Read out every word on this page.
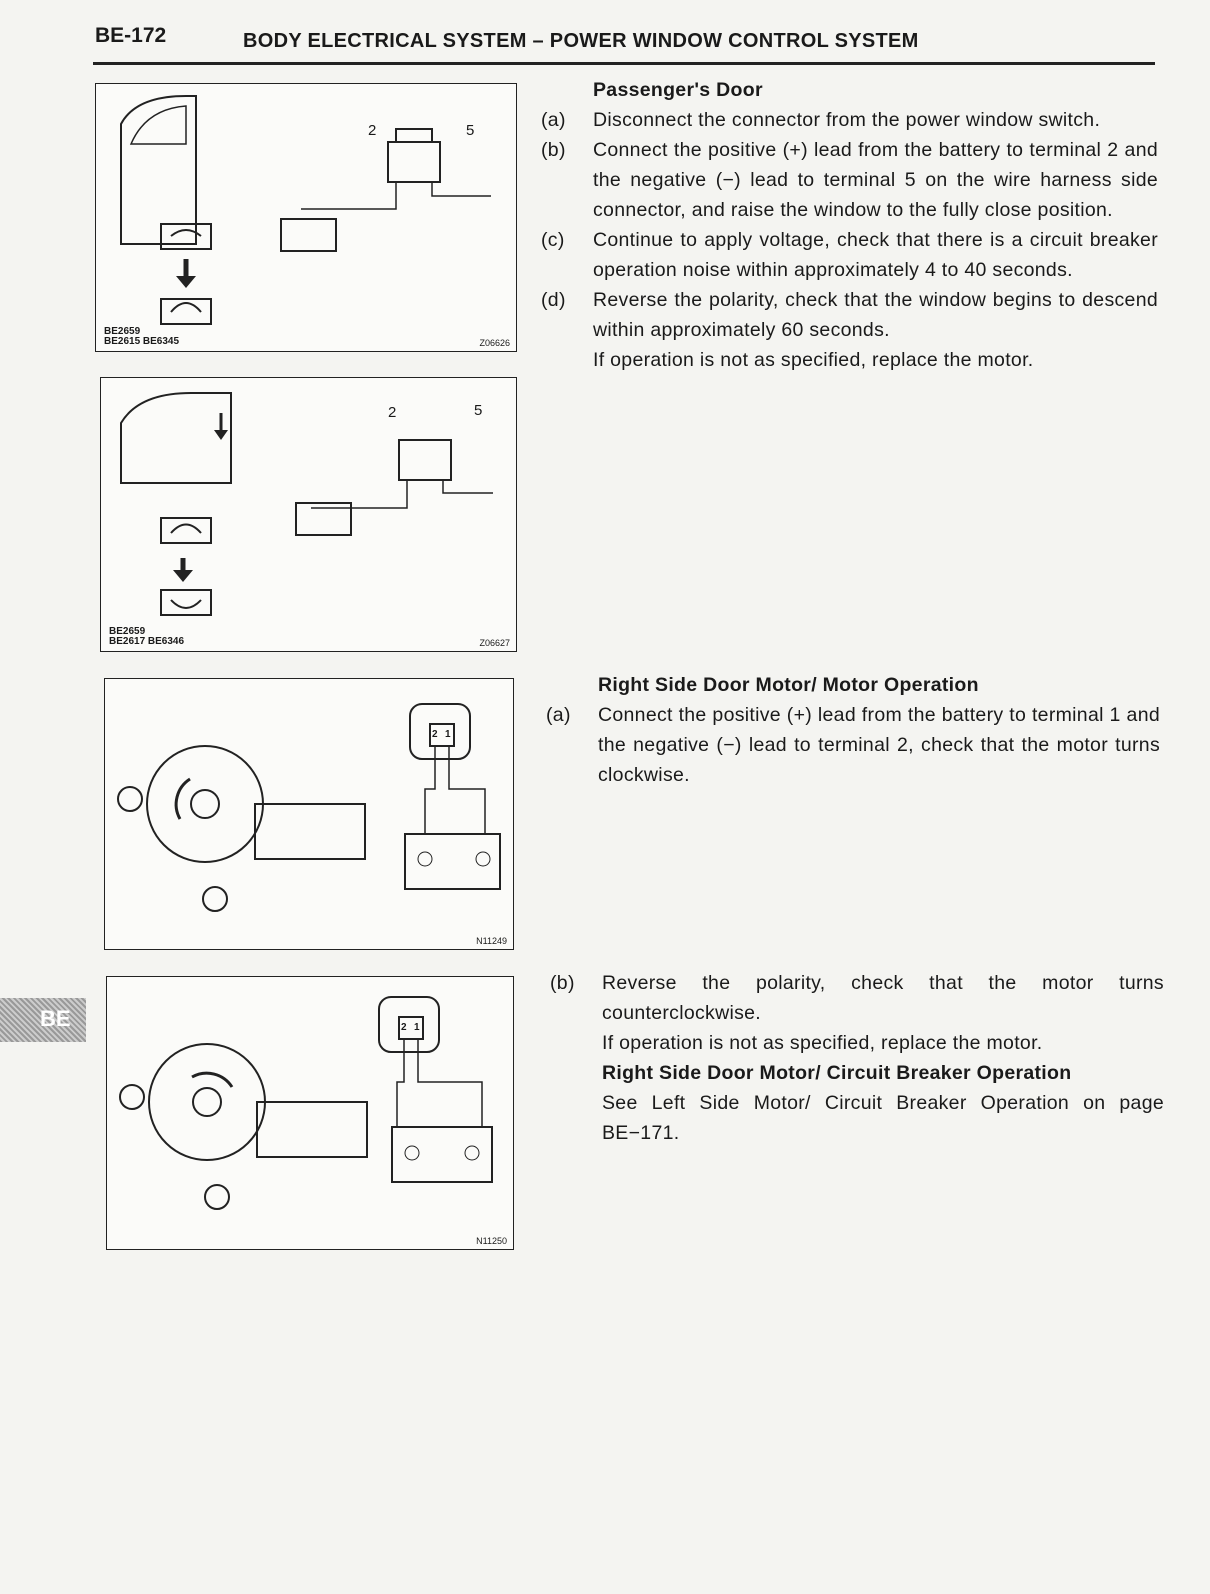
BE-172	BODY ELECTRICAL SYSTEM – POWER WINDOW CONTROL SYSTEM
BE
2	5
BE2659
BE2615 BE6345	Z06626
2	5
BE2659
BE2617 BE6346	Z06627
2 1
N11249
2 1
N11250
Passenger's Door
(a)	Disconnect the connector from the power window switch.
(b)	Connect the positive (+) lead from the battery to terminal 2 and the negative (−) lead to terminal 5 on the wire harness side connector, and raise the window to the fully close position.
(c)	Continue to apply voltage, check that there is a circuit breaker operation noise within approximately 4 to 40 seconds.
(d)	Reverse the polarity, check that the window begins to descend within approximately 60 seconds.
If operation is not as specified, replace the motor.
Right Side Door Motor/ Motor Operation
(a)	Connect the positive (+) lead from the battery to terminal 1 and the negative (−) lead to terminal 2, check that the motor turns clockwise.
(b)	Reverse the polarity, check that the motor turns counterclockwise.
If operation is not as specified, replace the motor.
Right Side Door Motor/ Circuit Breaker Operation
See Left Side Motor/ Circuit Breaker Operation on page BE−171.
